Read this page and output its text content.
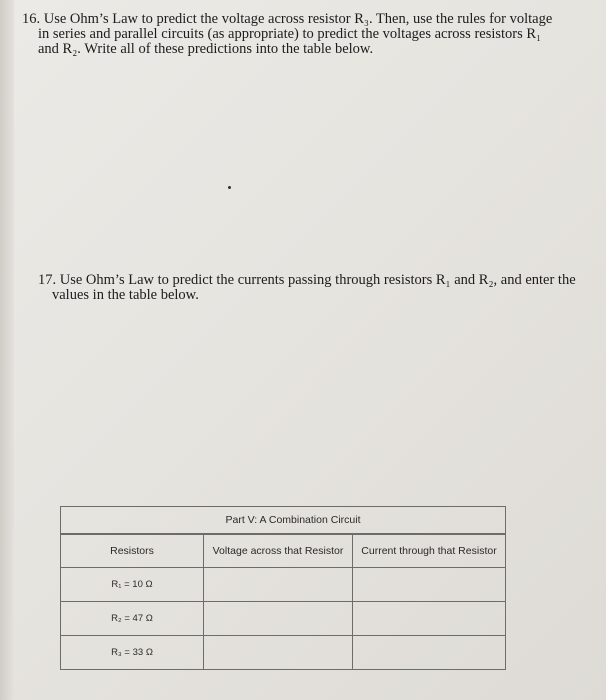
16. Use Ohm’s Law to predict the voltage across resistor R₃. Then, use the rules for voltage
in series and parallel circuits (as appropriate) to predict the voltages across resistors R₁
and R₂. Write all of these predictions into the table below.
17. Use Ohm’s Law to predict the currents passing through resistors R₁ and R₂, and enter the
values in the table below.
Part V: A Combination Circuit
Resistors	Voltage across that Resistor	Current through that Resistor
R₁ = 10 Ω		
R₂ = 47 Ω		
R₃ = 33 Ω		
